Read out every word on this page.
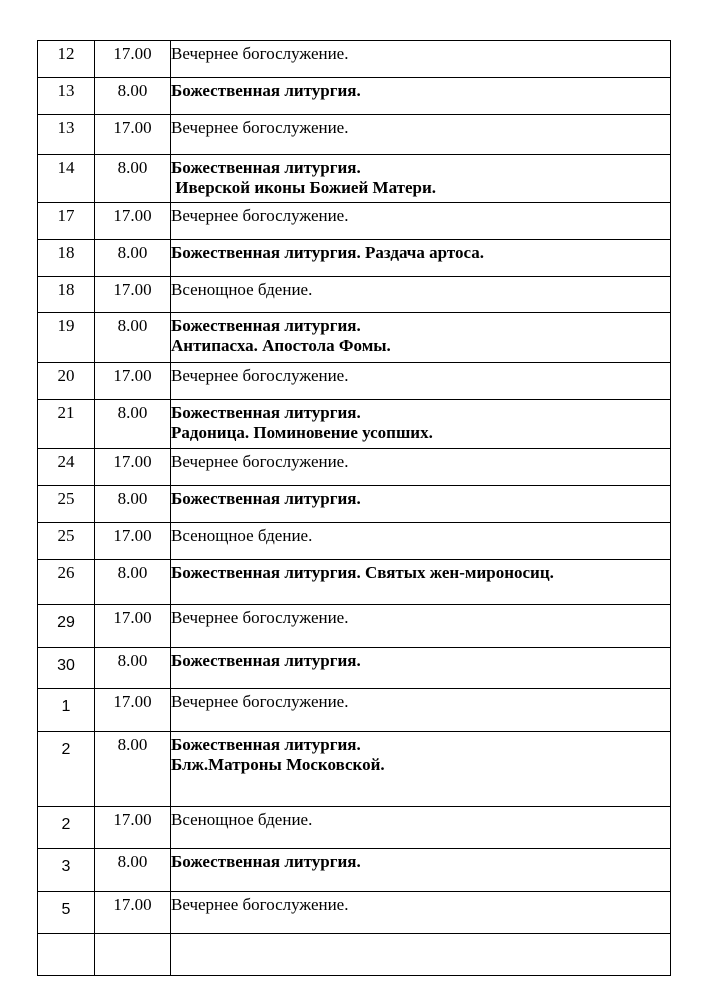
12	17.00	Вечернее богослужение.

13	8.00	Божественная литургия.

13	17.00	Вечернее богослужение.

14	8.00	Божественная литургия.
Иверской иконы Божией Матери.

17	17.00	Вечернее богослужение.

18	8.00	Божественная литургия. Раздача артоса.

18	17.00	Всенощное бдение.

19	8.00	Божественная литургия.
Антипасха. Апостола Фомы.

20	17.00	Вечернее богослужение.

21	8.00	Божественная литургия.
Радоница. Поминовение усопших.

24	17.00	Вечернее богослужение.

25	8.00	Божественная литургия.

25	17.00	Всенощное бдение.

26	8.00	Божественная литургия. Святых жен-мироносиц.

29	17.00	Вечернее богослужение.

30	8.00	Божественная литургия.

1	17.00	Вечернее богослужение.

2	8.00	Божественная литургия.
Блж.Матроны Московской.

2	17.00	Всенощное бдение.

3	8.00	Божественная литургия.

5	17.00	Вечернее богослужение.
